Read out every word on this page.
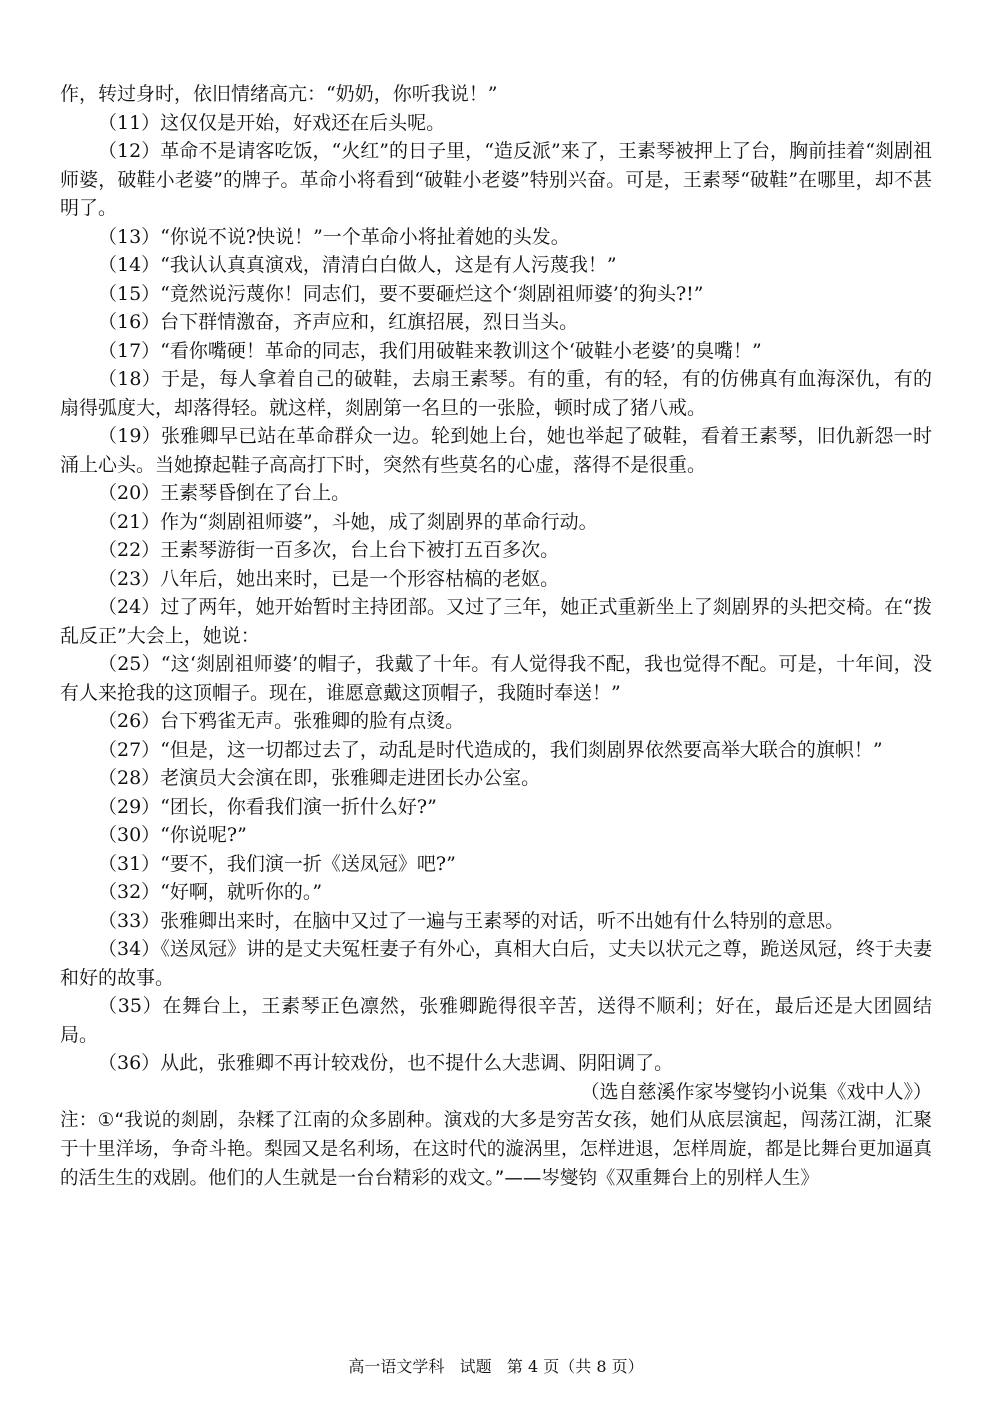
作，转过身时，依旧情绪高亢：“奶奶，你听我说！”

（11）这仅仅是开始，好戏还在后头呢。

（12）革命不是请客吃饭，“火红”的日子里，“造反派”来了，王素琴被押上了台，胸前挂着“剡剧祖师婆，破鞋小老婆”的牌子。革命小将看到“破鞋小老婆”特别兴奋。可是，王素琴“破鞋”在哪里，却不甚明了。

（13）“你说不说?快说！”一个革命小将扯着她的头发。

（14）“我认认真真演戏，清清白白做人，这是有人污蔑我！”

（15）“竟然说污蔑你！同志们，要不要砸烂这个‘剡剧祖师婆’的狗头?!”

（16）台下群情激奋，齐声应和，红旗招展，烈日当头。

（17）“看你嘴硬！革命的同志，我们用破鞋来教训这个‘破鞋小老婆’的臭嘴！”

（18）于是，每人拿着自己的破鞋，去扇王素琴。有的重，有的轻，有的仿佛真有血海深仇，有的扇得弧度大，却落得轻。就这样，剡剧第一名旦的一张脸，顿时成了猪八戒。

（19）张雅卿早已站在革命群众一边。轮到她上台，她也举起了破鞋，看着王素琴，旧仇新怨一时涌上心头。当她撩起鞋子高高打下时，突然有些莫名的心虚，落得不是很重。

（20）王素琴昏倒在了台上。

（21）作为“剡剧祖师婆”，斗她，成了剡剧界的革命行动。

（22）王素琴游街一百多次，台上台下被打五百多次。

（23）八年后，她出来时，已是一个形容枯槁的老妪。

（24）过了两年，她开始暂时主持团部。又过了三年，她正式重新坐上了剡剧界的头把交椅。在“拨乱反正”大会上，她说：

（25）“这‘剡剧祖师婆’的帽子，我戴了十年。有人觉得我不配，我也觉得不配。可是，十年间，没有人来抢我的这顶帽子。现在，谁愿意戴这顶帽子，我随时奉送！”

（26）台下鸦雀无声。张雅卿的脸有点烫。

（27）“但是，这一切都过去了，动乱是时代造成的，我们剡剧界依然要高举大联合的旗帜！”

（28）老演员大会演在即，张雅卿走进团长办公室。

（29）“团长，你看我们演一折什么好?”

（30）“你说呢?”

（31）“要不，我们演一折《送凤冠》吧?”

（32）“好啊，就听你的。”

（33）张雅卿出来时，在脑中又过了一遍与王素琴的对话，听不出她有什么特别的意思。

（34）《送凤冠》讲的是丈夫冤枉妻子有外心，真相大白后，丈夫以状元之尊，跪送凤冠，终于夫妻和好的故事。

（35）在舞台上，王素琴正色凛然，张雅卿跪得很辛苦，送得不顺利；好在，最后还是大团圆结局。

（36）从此，张雅卿不再计较戏份，也不提什么大悲调、阴阳调了。

（选自慈溪作家岑燮钧小说集《戏中人》）

注：①“我说的剡剧，杂糅了江南的众多剧种。演戏的大多是穷苦女孩，她们从底层演起，闯荡江湖，汇聚于十里洋场，争奇斗艳。梨园又是名利场，在这时代的漩涡里，怎样进退，怎样周旋，都是比舞台更加逼真的活生生的戏剧。他们的人生就是一台台精彩的戏文。”——岑燮钧《双重舞台上的别样人生》

高一语文学科   试题   第 4 页（共 8 页）
